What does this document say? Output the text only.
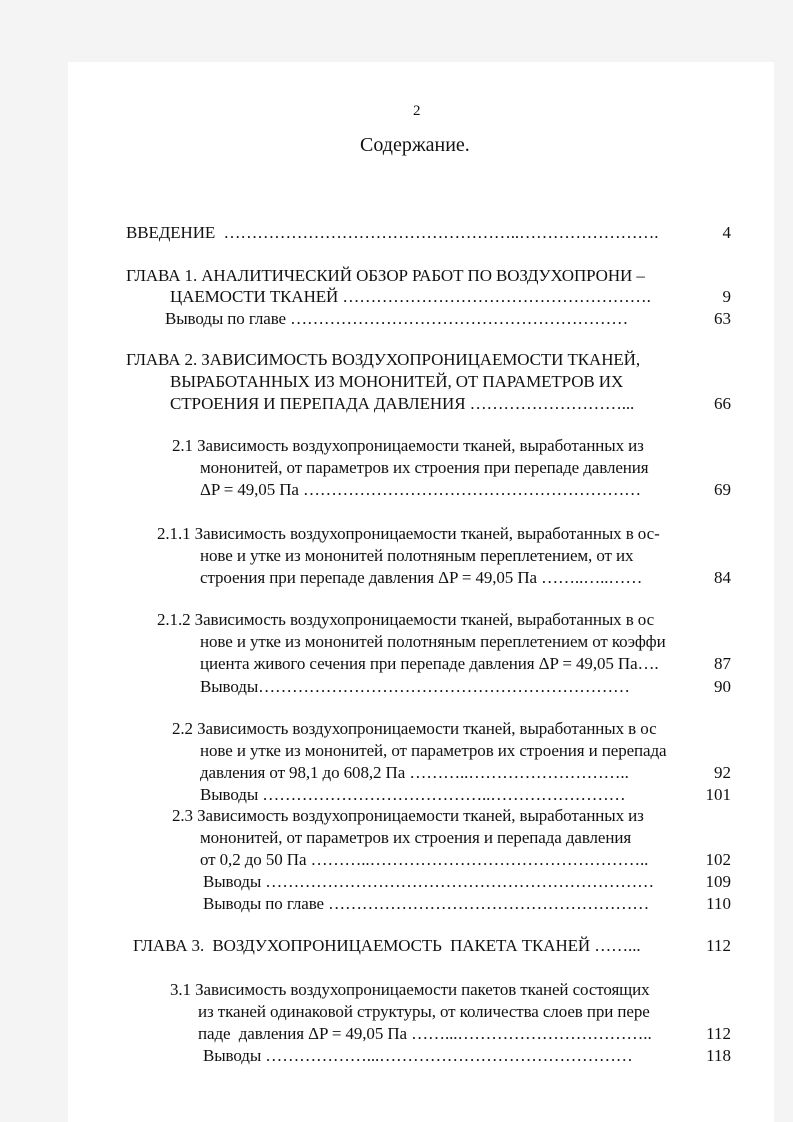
2
Содержание.
ВВЕДЕНИЕ  ……………………………………………..…………………….	4
ГЛАВА 1. АНАЛИТИЧЕСКИЙ ОБЗОР РАБОТ ПО ВОЗДУХОПРОНИ –
ЦАЕМОСТИ ТКАНЕЙ ……………………………………………….	9
Выводы по главе ……………………………………………………	63
ГЛАВА 2. ЗАВИСИМОСТЬ ВОЗДУХОПРОНИЦАЕМОСТИ ТКАНЕЙ,
ВЫРАБОТАННЫХ ИЗ МОНОНИТЕЙ, ОТ ПАРАМЕТРОВ ИХ
СТРОЕНИЯ И ПЕРЕПАДА ДАВЛЕНИЯ ………………………...	66
2.1 Зависимость воздухопроницаемости тканей, выработанных из
мононитей, от параметров их строения при перепаде давления
ΔP = 49,05 Па ……………………………………………………	69
2.1.1 Зависимость воздухопроницаемости тканей, выработанных в ос-
нове и утке из мононитей полотняным переплетением, от их
строения при перепаде давления ΔP = 49,05 Па ……..…..……	84
2.1.2 Зависимость воздухопроницаемости тканей, выработанных в ос
нове и утке из мононитей полотняным переплетением от коэффи
циента живого сечения при перепаде давления ΔP = 49,05 Па….	87
Выводы…………………………………………………………	90
2.2 Зависимость воздухопроницаемости тканей, выработанных в ос
нове и утке из мононитей, от параметров их строения и перепада
давления от 98,1 до 608,2 Па ………..………………………..	92
Выводы …………………………………..……………………	101
2.3 Зависимость воздухопроницаемости тканей, выработанных из
мононитей, от параметров их строения и перепада давления
от 0,2 до 50 Па ………..…………………………………………..	102
Выводы ……………………………………………………………	109
Выводы по главе …………………………………………………	110
ГЛАВА 3.  ВОЗДУХОПРОНИЦАЕМОСТЬ  ПАКЕТА ТКАНЕЙ ……...	112
3.1 Зависимость воздухопроницаемости пакетов тканей состоящих
из тканей одинаковой структуры, от количества слоев при пере
паде  давления ΔP = 49,05 Па ……...……………………………..	112
Выводы ………………...………………………………………	118
